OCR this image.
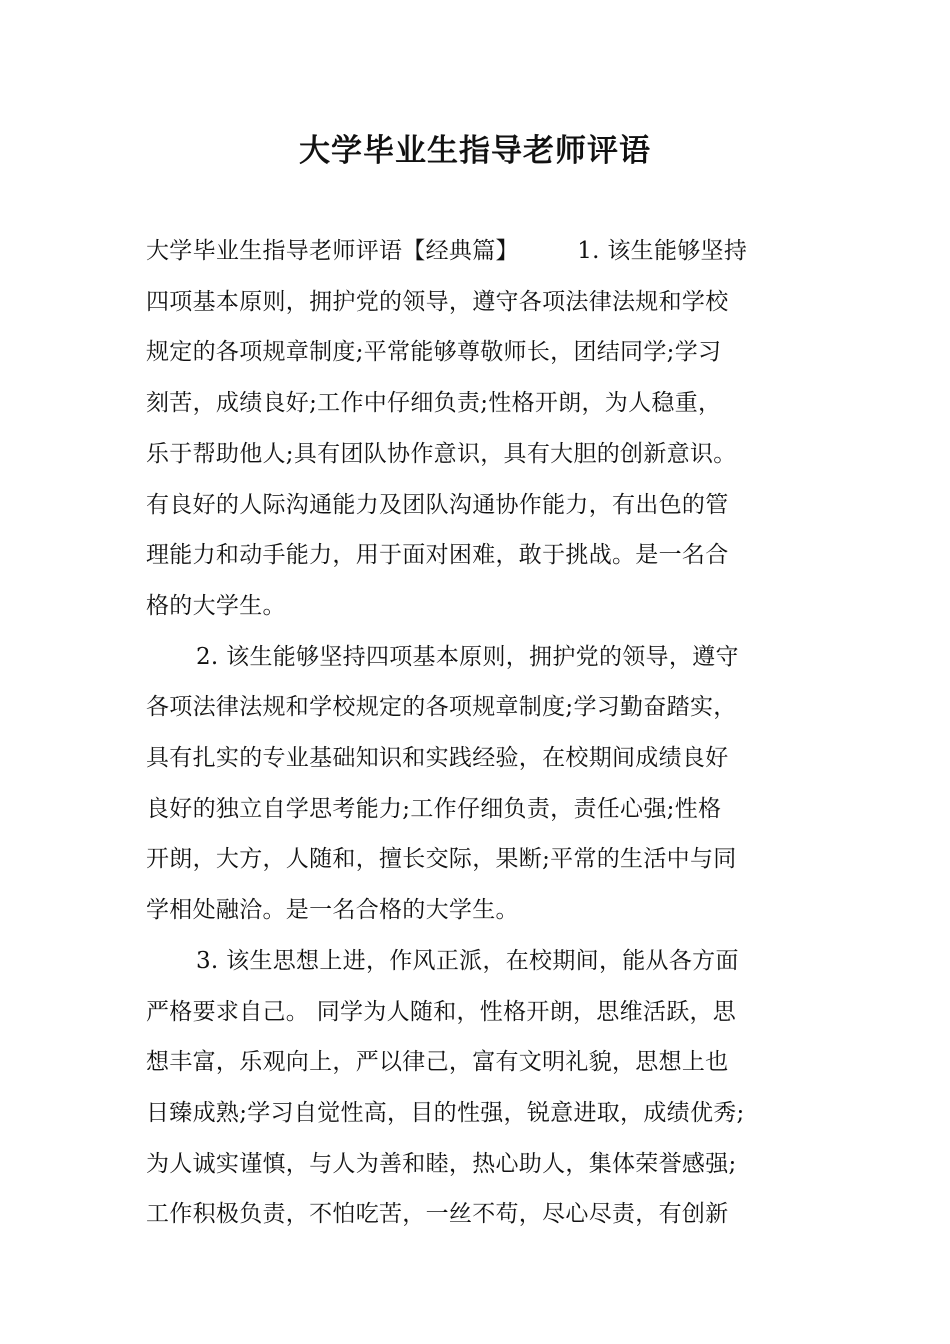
大学毕业生指导老师评语
大学毕业生指导老师评语【经典篇】　　　1. 该生能够坚持
四项基本原则，拥护党的领导，遵守各项法律法规和学校
规定的各项规章制度;平常能够尊敬师长，团结同学;学习
刻苦，成绩良好;工作中仔细负责;性格开朗，为人稳重，
乐于帮助他人;具有团队协作意识，具有大胆的创新意识。
有良好的人际沟通能力及团队沟通协作能力，有出色的管
理能力和动手能力，用于面对困难，敢于挑战。是一名合
格的大学生。
2. 该生能够坚持四项基本原则，拥护党的领导，遵守
各项法律法规和学校规定的各项规章制度;学习勤奋踏实，
具有扎实的专业基础知识和实践经验，在校期间成绩良好
良好的独立自学思考能力;工作仔细负责，责任心强;性格
开朗，大方，人随和，擅长交际，果断;平常的生活中与同
学相处融洽。是一名合格的大学生。
3. 该生思想上进，作风正派，在校期间，能从各方面
严格要求自己。 同学为人随和，性格开朗，思维活跃，思
想丰富，乐观向上，严以律己，富有文明礼貌，思想上也
日臻成熟;学习自觉性高，目的性强，锐意进取，成绩优秀;
为人诚实谨慎，与人为善和睦，热心助人，集体荣誉感强;
工作积极负责，不怕吃苦，一丝不苟，尽心尽责，有创新
